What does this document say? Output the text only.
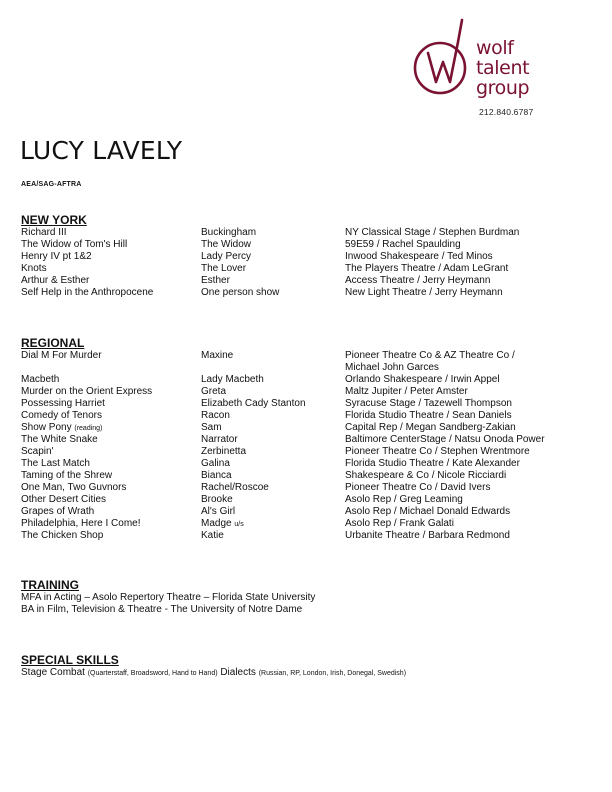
wolf
talent
group
212.840.6787
LUCY LAVELY
AEA/SAG-AFTRA
NEW YORK
Richard III	Buckingham	NY Classical Stage / Stephen Burdman
The Widow of Tom's Hill	The Widow	59E59 / Rachel Spaulding
Henry IV pt 1&2	Lady Percy	Inwood Shakespeare / Ted Minos
Knots	The Lover	The Players Theatre / Adam LeGrant
Arthur & Esther	Esther	Access Theatre / Jerry Heymann
Self Help in the Anthropocene	One person show	New Light Theatre / Jerry Heymann
REGIONAL
Dial M For Murder	Maxine	Pioneer Theatre Co & AZ Theatre Co /
Michael John Garces
Macbeth	Lady Macbeth	Orlando Shakespeare / Irwin Appel
Murder on the Orient Express	Greta	Maltz Jupiter / Peter Amster
Possessing Harriet	Elizabeth Cady Stanton	Syracuse Stage / Tazewell Thompson
Comedy of Tenors	Racon	Florida Studio Theatre / Sean Daniels
Show Pony (reading)	Sam	Capital Rep / Megan Sandberg-Zakian
The White Snake	Narrator	Baltimore CenterStage / Natsu Onoda Power
Scapin'	Zerbinetta	Pioneer Theatre Co / Stephen Wrentmore
The Last Match	Galina	Florida Studio Theatre / Kate Alexander
Taming of the Shrew	Bianca	Shakespeare & Co / Nicole Ricciardi
One Man, Two Guvnors	Rachel/Roscoe	Pioneer Theatre Co / David Ivers
Other Desert Cities	Brooke	Asolo Rep / Greg Leaming
Grapes of Wrath	Al's Girl	Asolo Rep / Michael Donald Edwards
Philadelphia, Here I Come!	Madge u/s	Asolo Rep / Frank Galati
The Chicken Shop	Katie	Urbanite Theatre / Barbara Redmond
TRAINING
MFA in Acting – Asolo Repertory Theatre – Florida State University
BA in Film, Television & Theatre - The University of Notre Dame
SPECIAL SKILLS
Stage Combat (Quarterstaff, Broadsword, Hand to Hand) Dialects (Russian, RP, London, Irish, Donegal, Swedish)
